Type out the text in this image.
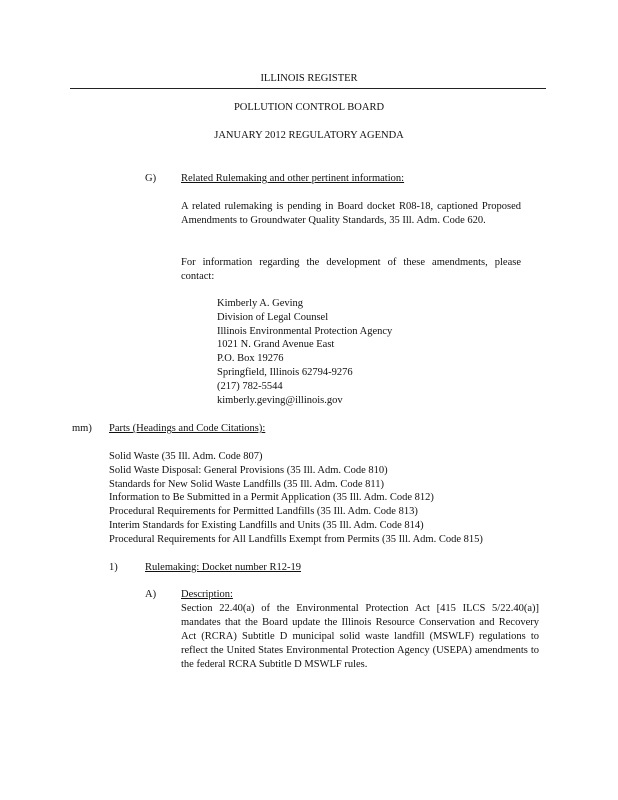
ILLINOIS REGISTER
POLLUTION CONTROL BOARD
JANUARY 2012 REGULATORY AGENDA
G) Related Rulemaking and other pertinent information:
A related rulemaking is pending in Board docket R08-18, captioned Proposed Amendments to Groundwater Quality Standards, 35 Ill. Adm. Code 620.
For information regarding the development of these amendments, please contact:
Kimberly A. Geving
Division of Legal Counsel
Illinois Environmental Protection Agency
1021 N. Grand Avenue East
P.O. Box 19276
Springfield, Illinois 62794-9276
(217) 782-5544
kimberly.geving@illinois.gov
mm) Parts (Headings and Code Citations):
Solid Waste (35 Ill. Adm. Code 807)
Solid Waste Disposal: General Provisions (35 Ill. Adm. Code 810)
Standards for New Solid Waste Landfills (35 Ill. Adm. Code 811)
Information to Be Submitted in a Permit Application (35 Ill. Adm. Code 812)
Procedural Requirements for Permitted Landfills (35 Ill. Adm. Code 813)
Interim Standards for Existing Landfills and Units (35 Ill. Adm. Code 814)
Procedural Requirements for All Landfills Exempt from Permits (35 Ill. Adm. Code 815)
1)	Rulemaking: Docket number R12-19
A) Description:
Section 22.40(a) of the Environmental Protection Act [415 ILCS 5/22.40(a)] mandates that the Board update the Illinois Resource Conservation and Recovery Act (RCRA) Subtitle D municipal solid waste landfill (MSWLF) regulations to reflect the United States Environmental Protection Agency (USEPA) amendments to the federal RCRA Subtitle D MSWLF rules.
